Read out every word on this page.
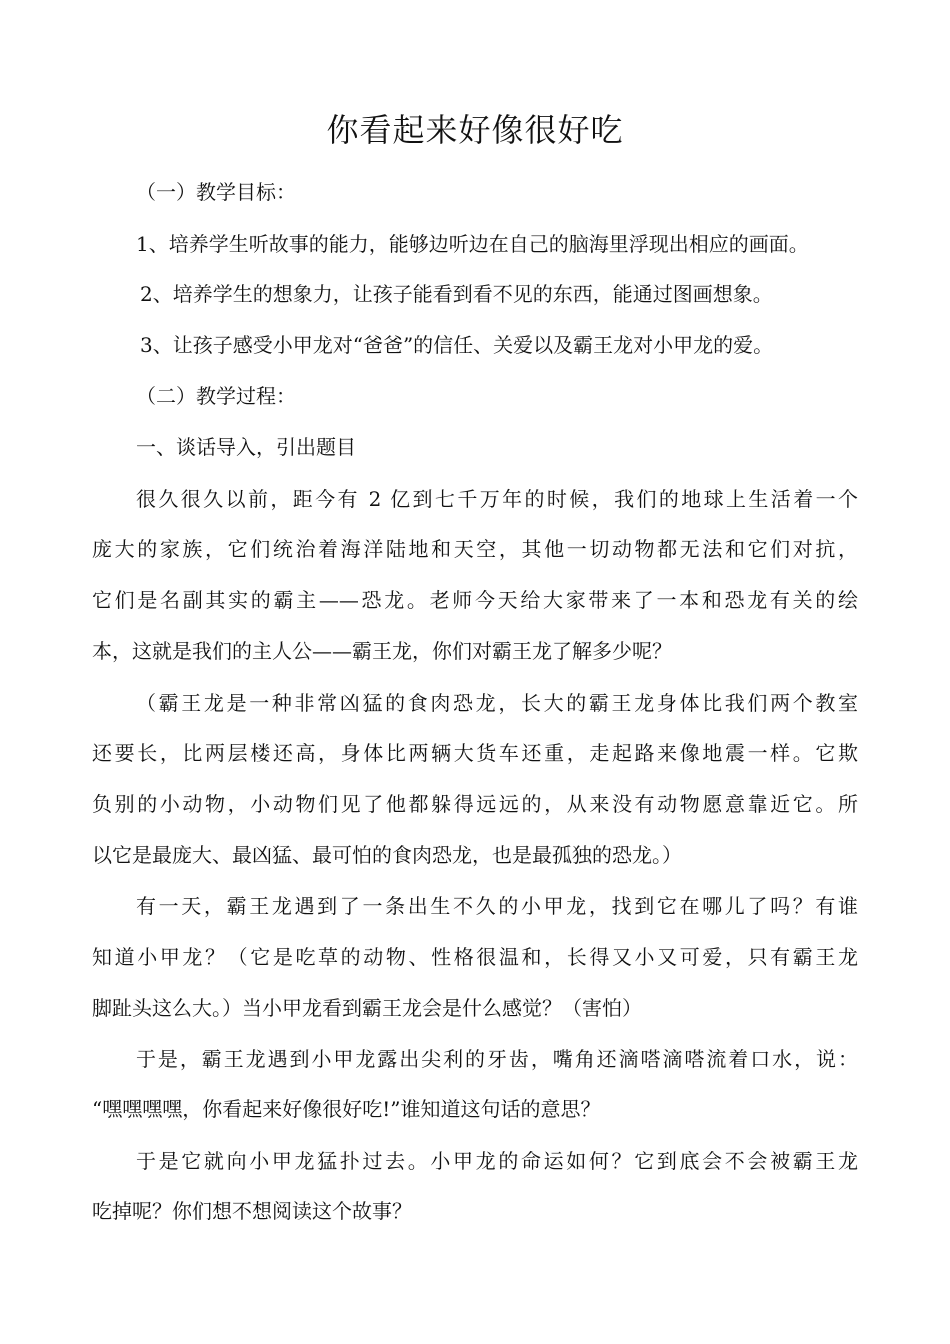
你看起来好像很好吃
（一）教学目标：
1、培养学生听故事的能力，能够边听边在自己的脑海里浮现出相应的画面。
2、培养学生的想象力，让孩子能看到看不见的东西，能通过图画想象。
3、让孩子感受小甲龙对“爸爸”的信任、关爱以及霸王龙对小甲龙的爱。
（二）教学过程：
一、谈话导入，引出题目
很久很久以前，距今有 2 亿到七千万年的时候，我们的地球上生活着一个
庞大的家族，它们统治着海洋陆地和天空，其他一切动物都无法和它们对抗，
它们是名副其实的霸主——恐龙。老师今天给大家带来了一本和恐龙有关的绘
本，这就是我们的主人公——霸王龙，你们对霸王龙了解多少呢？
（霸王龙是一种非常凶猛的食肉恐龙，长大的霸王龙身体比我们两个教室
还要长，比两层楼还高，身体比两辆大货车还重，走起路来像地震一样。它欺
负别的小动物，小动物们见了他都躲得远远的，从来没有动物愿意靠近它。所
以它是最庞大、最凶猛、最可怕的食肉恐龙，也是最孤独的恐龙。）
有一天，霸王龙遇到了一条出生不久的小甲龙，找到它在哪儿了吗？有谁
知道小甲龙？（它是吃草的动物、性格很温和，长得又小又可爱，只有霸王龙
脚趾头这么大。）当小甲龙看到霸王龙会是什么感觉？（害怕）
于是，霸王龙遇到小甲龙露出尖利的牙齿，嘴角还滴嗒滴嗒流着口水，说：
“嘿嘿嘿嘿，你看起来好像很好吃!”谁知道这句话的意思？
于是它就向小甲龙猛扑过去。小甲龙的命运如何？它到底会不会被霸王龙
吃掉呢？你们想不想阅读这个故事？
